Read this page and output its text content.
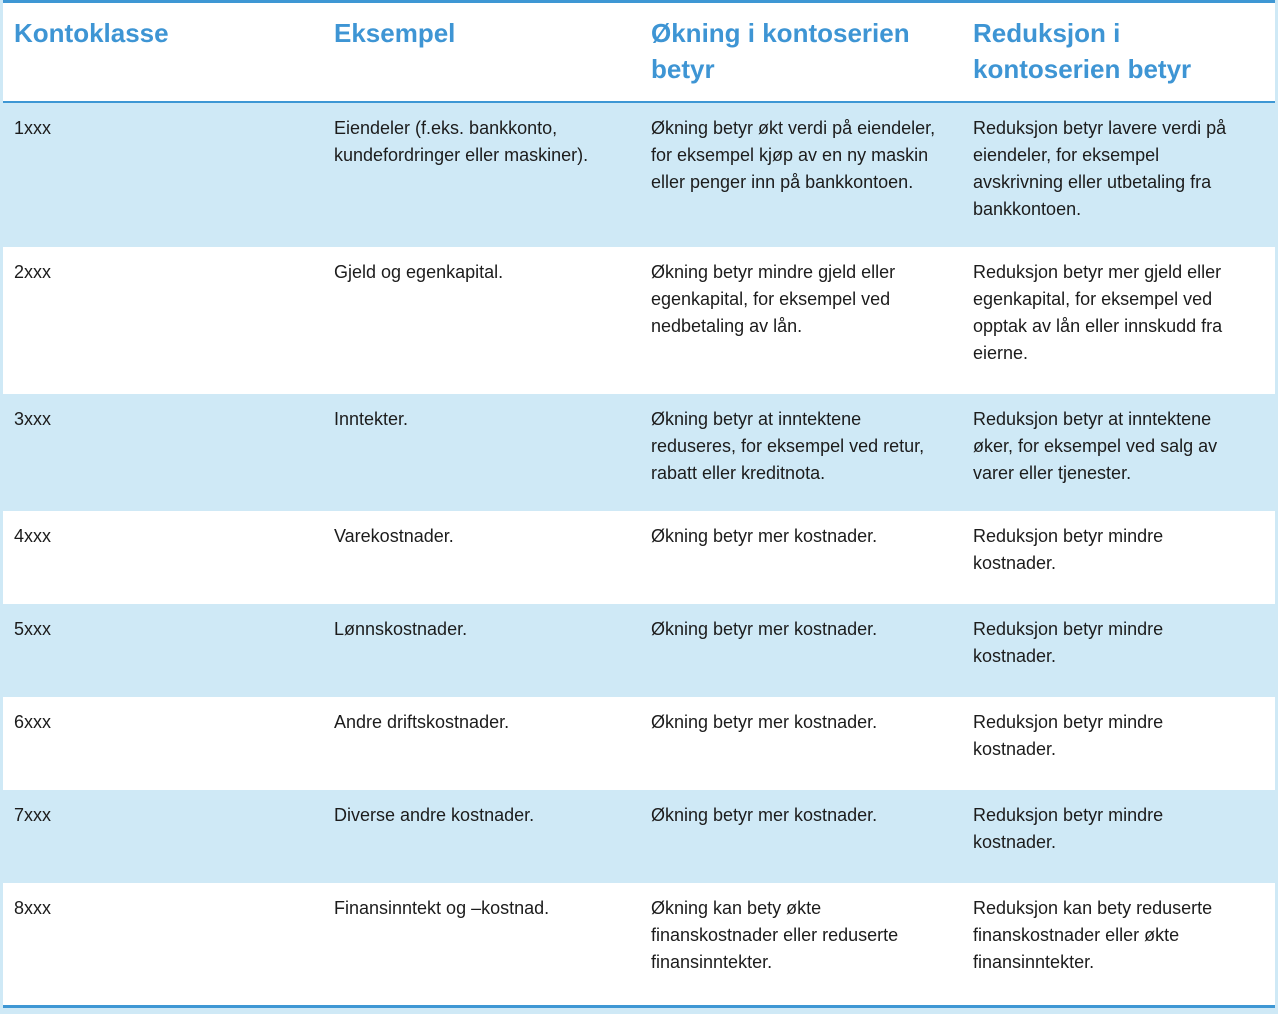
Kontoklasse	Eksempel	Økning i kontoserien betyr	Reduksjon i kontoserien betyr
1xxx	Eiendeler (f.eks. bankkonto, kundefordringer eller maskiner).	Økning betyr økt verdi på eiendeler, for eksempel kjøp av en ny maskin eller penger inn på bankkontoen.	Reduksjon betyr lavere verdi på eiendeler, for eksempel avskrivning eller utbetaling fra bankkontoen.
2xxx	Gjeld og egenkapital.	Økning betyr mindre gjeld eller egenkapital, for eksempel ved nedbetaling av lån.	Reduksjon betyr mer gjeld eller egenkapital, for eksempel ved opptak av lån eller innskudd fra eierne.
3xxx	Inntekter.	Økning betyr at inntektene reduseres, for eksempel ved retur, rabatt eller kreditnota.	Reduksjon betyr at inntektene øker, for eksempel ved salg av varer eller tjenester.
4xxx	Varekostnader.	Økning betyr mer kostnader.	Reduksjon betyr mindre kostnader.
5xxx	Lønnskostnader.	Økning betyr mer kostnader.	Reduksjon betyr mindre kostnader.
6xxx	Andre driftskostnader.	Økning betyr mer kostnader.	Reduksjon betyr mindre kostnader.
7xxx	Diverse andre kostnader.	Økning betyr mer kostnader.	Reduksjon betyr mindre kostnader.
8xxx	Finansinntekt og –kostnad.	Økning kan bety økte finanskostnader eller reduserte finansinntekter.	Reduksjon kan bety reduserte finanskostnader eller økte finansinntekter.
